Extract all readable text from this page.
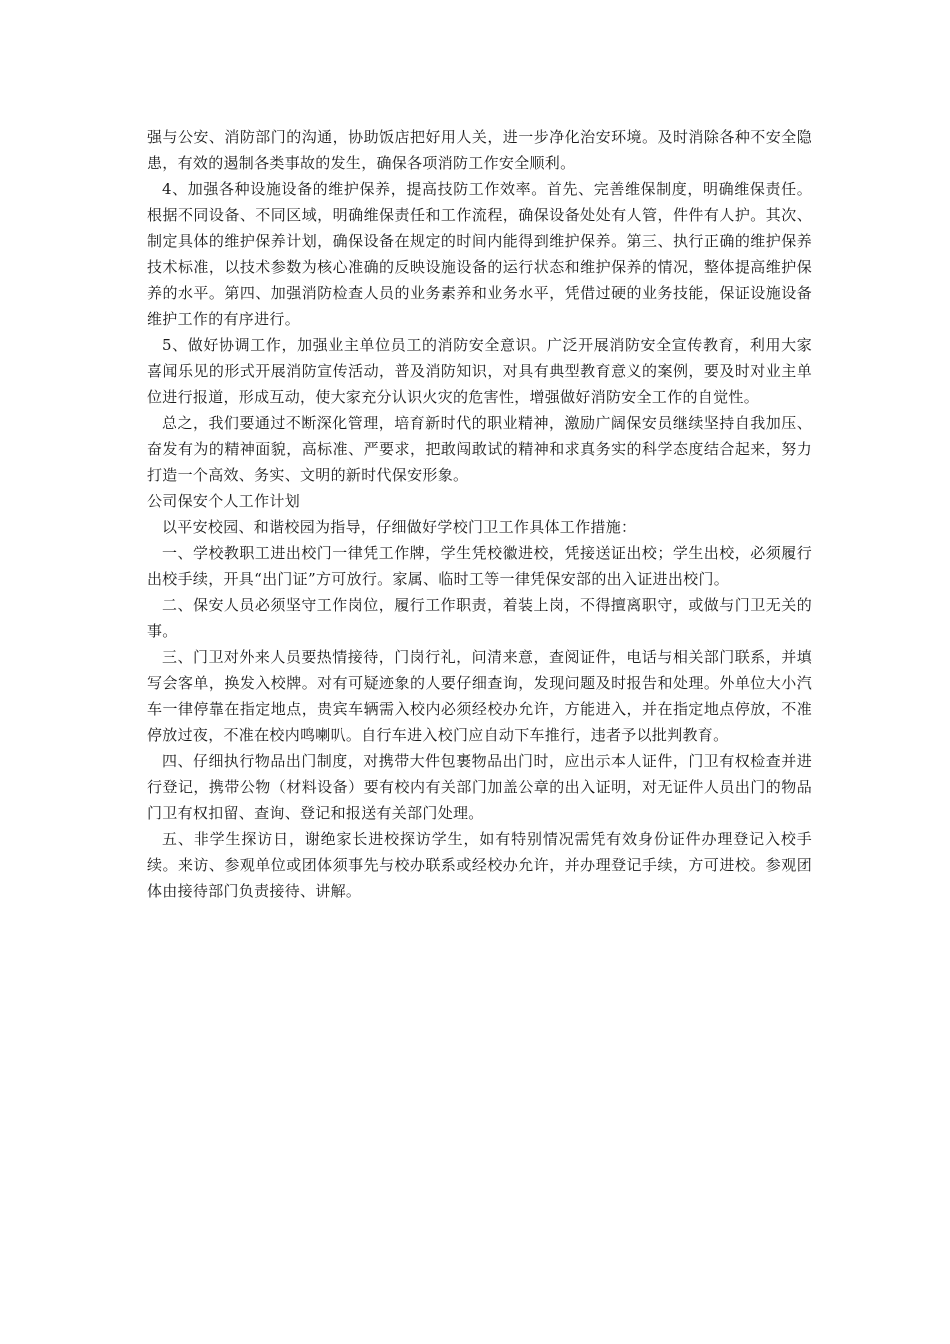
强与公安、消防部门的沟通，协助饭店把好用人关，进一步净化治安环境。及时消除各种不安全隐患，有效的遏制各类事故的发生，确保各项消防工作安全顺利。

4、加强各种设施设备的维护保养，提高技防工作效率。首先、完善维保制度，明确维保责任。根据不同设备、不同区域，明确维保责任和工作流程，确保设备处处有人管，件件有人护。其次、制定具体的维护保养计划，确保设备在规定的时间内能得到维护保养。第三、执行正确的维护保养技术标准，以技术参数为核心准确的反映设施设备的运行状态和维护保养的情况，整体提高维护保养的水平。第四、加强消防检查人员的业务素养和业务水平，凭借过硬的业务技能，保证设施设备维护工作的有序进行。

5、做好协调工作，加强业主单位员工的消防安全意识。广泛开展消防安全宣传教育，利用大家喜闻乐见的形式开展消防宣传活动，普及消防知识，对具有典型教育意义的案例，要及时对业主单位进行报道，形成互动，使大家充分认识火灾的危害性，增强做好消防安全工作的自觉性。

总之，我们要通过不断深化管理，培育新时代的职业精神，激励广阔保安员继续坚持自我加压、奋发有为的精神面貌，高标准、严要求，把敢闯敢试的精神和求真务实的科学态度结合起来，努力打造一个高效、务实、文明的新时代保安形象。

公司保安个人工作计划

以平安校园、和谐校园为指导，仔细做好学校门卫工作具体工作措施：

一、学校教职工进出校门一律凭工作牌，学生凭校徽进校，凭接送证出校；学生出校，必须履行出校手续，开具“出门证”方可放行。家属、临时工等一律凭保安部的出入证进出校门。

二、保安人员必须坚守工作岗位，履行工作职责，着装上岗，不得擅离职守，或做与门卫无关的事。

三、门卫对外来人员要热情接待，门岗行礼，问清来意，查阅证件，电话与相关部门联系，并填写会客单，换发入校牌。对有可疑迹象的人要仔细查询，发现问题及时报告和处理。外单位大小汽车一律停靠在指定地点，贵宾车辆需入校内必须经校办允许，方能进入，并在指定地点停放，不准停放过夜，不准在校内鸣喇叭。自行车进入校门应自动下车推行，违者予以批判教育。

四、仔细执行物品出门制度，对携带大件包裹物品出门时，应出示本人证件，门卫有权检查并进行登记，携带公物（材料设备）要有校内有关部门加盖公章的出入证明，对无证件人员出门的物品门卫有权扣留、查询、登记和报送有关部门处理。

五、非学生探访日，谢绝家长进校探访学生，如有特别情况需凭有效身份证件办理登记入校手续。来访、参观单位或团体须事先与校办联系或经校办允许，并办理登记手续，方可进校。参观团体由接待部门负责接待、讲解。
